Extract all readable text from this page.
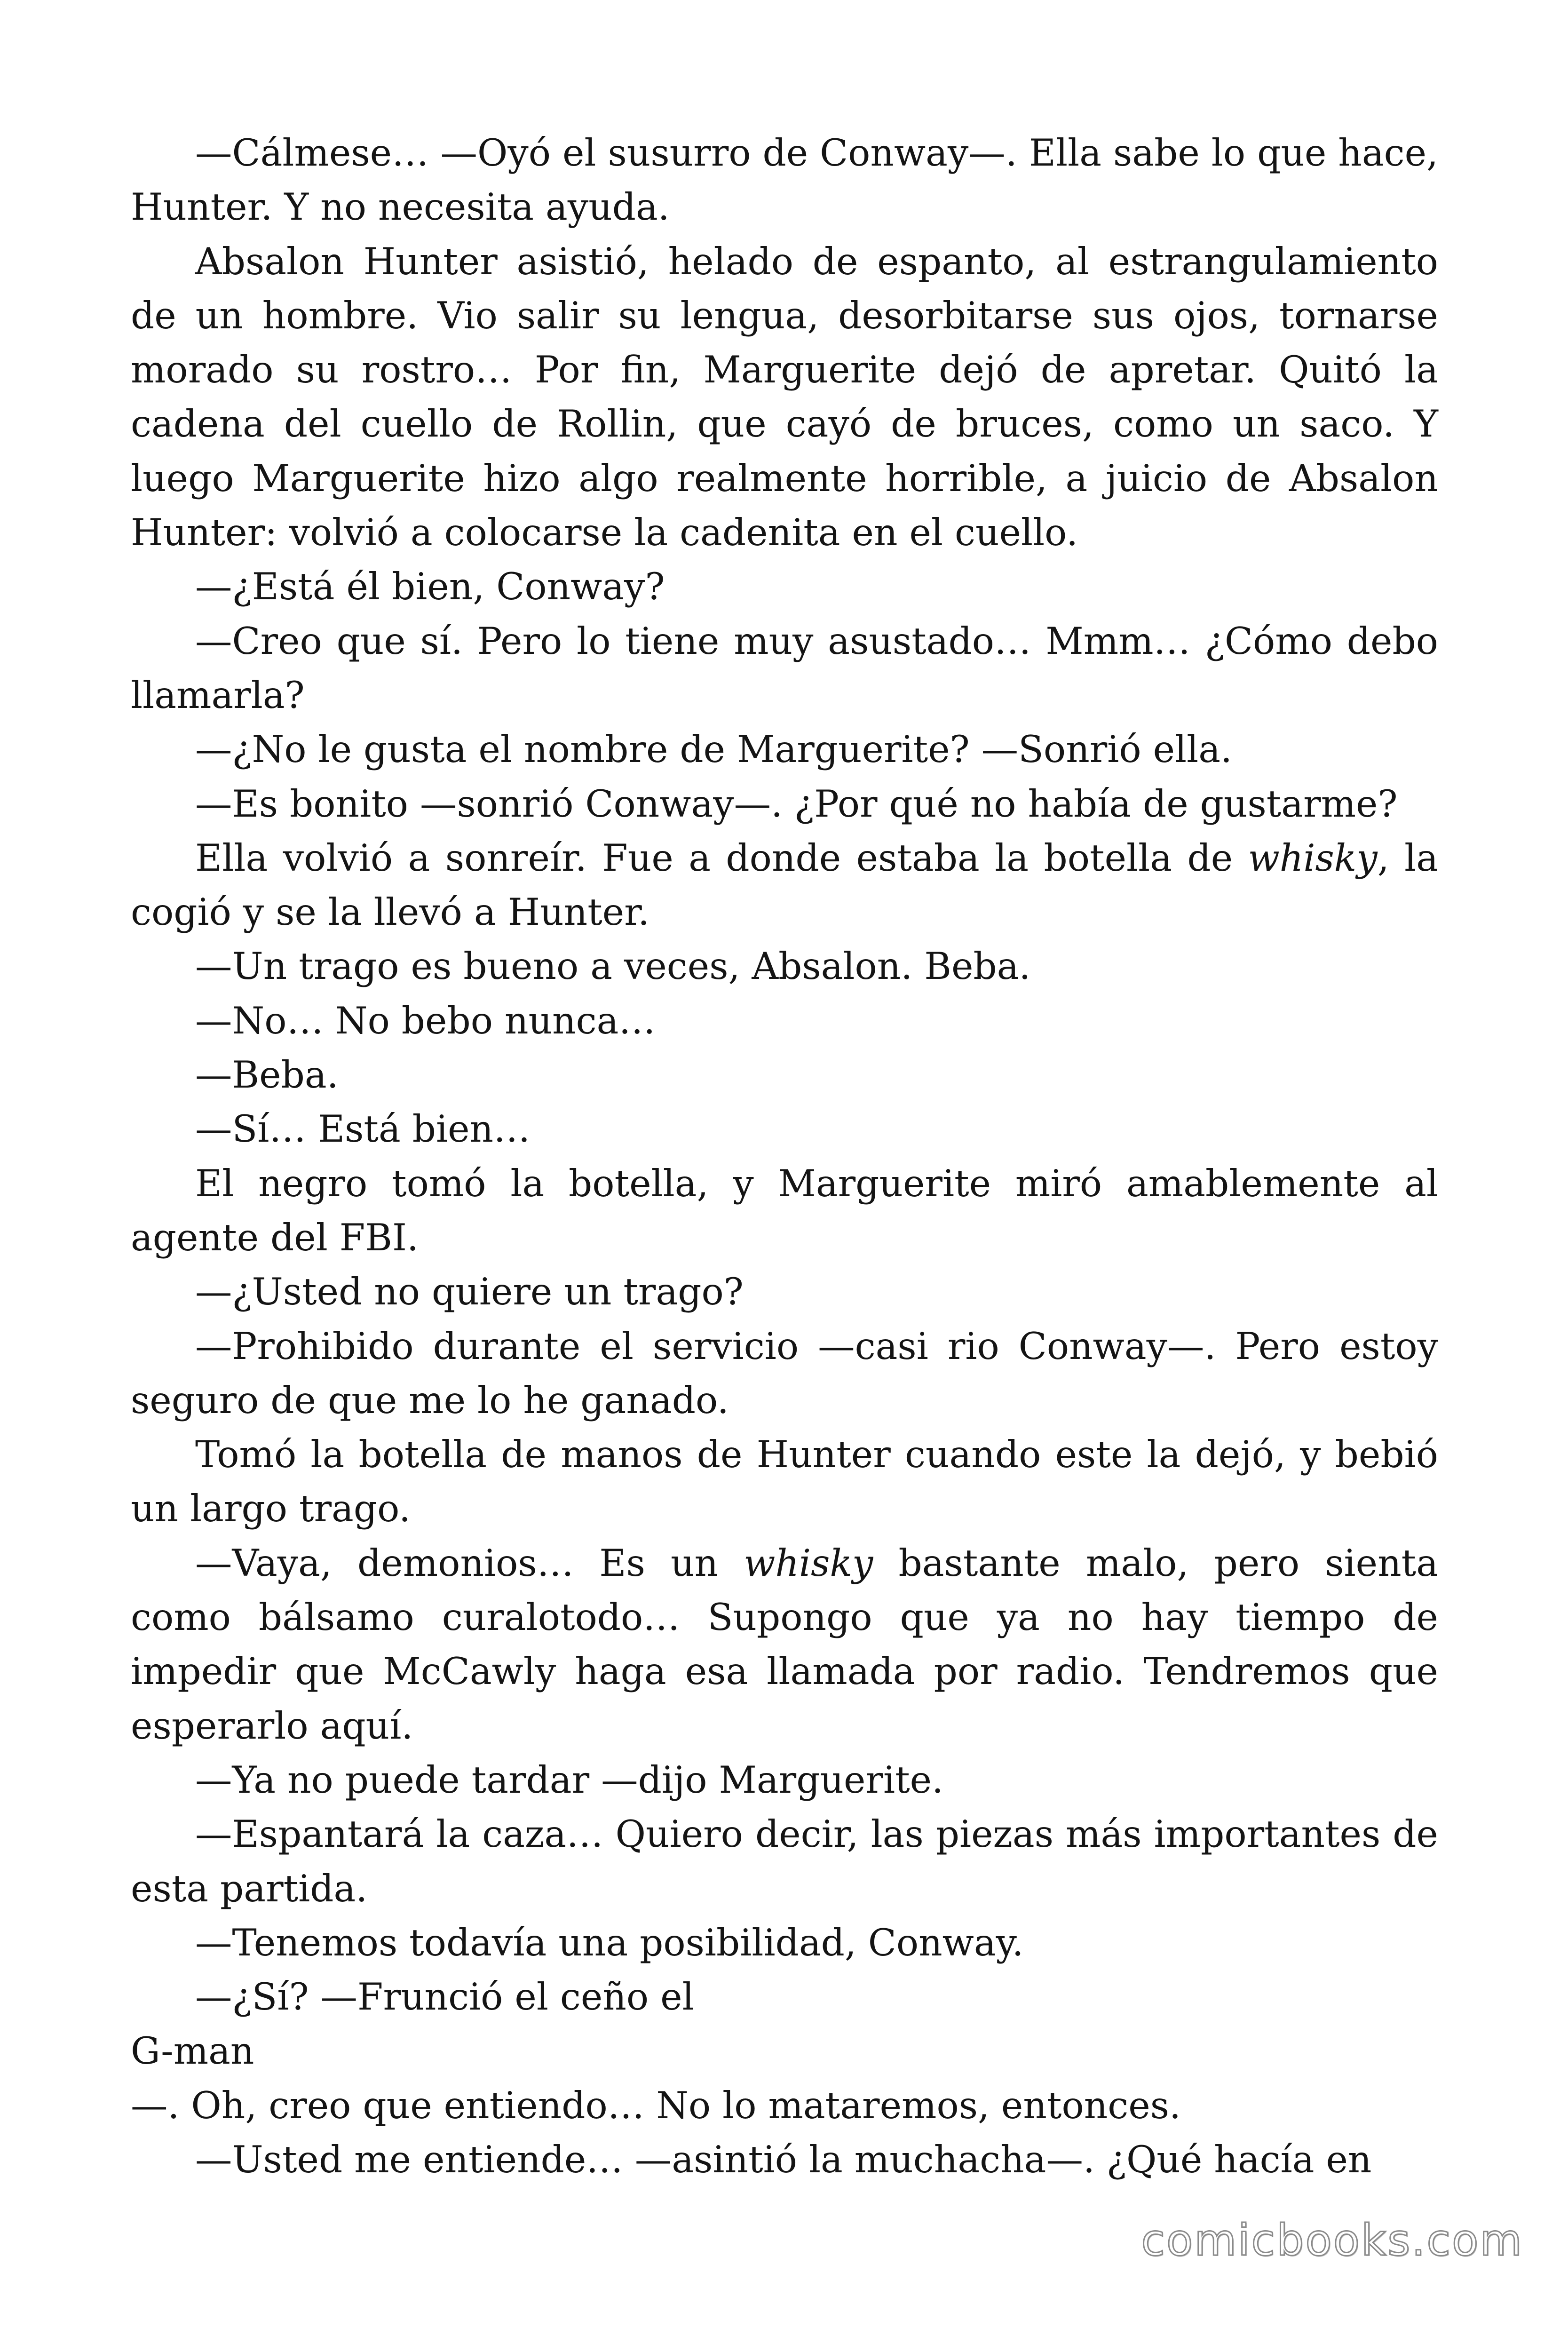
—Cálmese… —Oyó el susurro de Conway—. Ella sabe lo que hace, Hunter. Y no necesita ayuda.

Absalon Hunter asistió, helado de espanto, al estrangulamiento de un hombre. Vio salir su lengua, desorbitarse sus ojos, tornarse morado su rostro… Por fin, Marguerite dejó de apretar. Quitó la cadena del cuello de Rollin, que cayó de bruces, como un saco. Y luego Marguerite hizo algo realmente horrible, a juicio de Absalon Hunter: volvió a colocarse la cadenita en el cuello.

—¿Está él bien, Conway?

—Creo que sí. Pero lo tiene muy asustado… Mmm… ¿Cómo debo llamarla?

—¿No le gusta el nombre de Marguerite? —Sonrió ella.

—Es bonito —sonrió Conway—. ¿Por qué no había de gustarme?

Ella volvió a sonreír. Fue a donde estaba la botella de whisky, la cogió y se la llevó a Hunter.

—Un trago es bueno a veces, Absalon. Beba.

—No… No bebo nunca…

—Beba.

—Sí… Está bien…

El negro tomó la botella, y Marguerite miró amablemente al agente del FBI.

—¿Usted no quiere un trago?

—Prohibido durante el servicio —casi rio Conway—. Pero estoy seguro de que me lo he ganado.

Tomó la botella de manos de Hunter cuando este la dejó, y bebió un largo trago.

—Vaya, demonios… Es un whisky bastante malo, pero sienta como bálsamo curalotodo… Supongo que ya no hay tiempo de impedir que McCawly haga esa llamada por radio. Tendremos que esperarlo aquí.

—Ya no puede tardar —dijo Marguerite.

—Espantará la caza… Quiero decir, las piezas más importantes de esta partida.

—Tenemos todavía una posibilidad, Conway.

—¿Sí? —Frunció el ceño el

G-man

—. Oh, creo que entiendo… No lo mataremos, entonces.

—Usted me entiende… —asintió la muchacha—. ¿Qué hacía en

comicbooks.com
